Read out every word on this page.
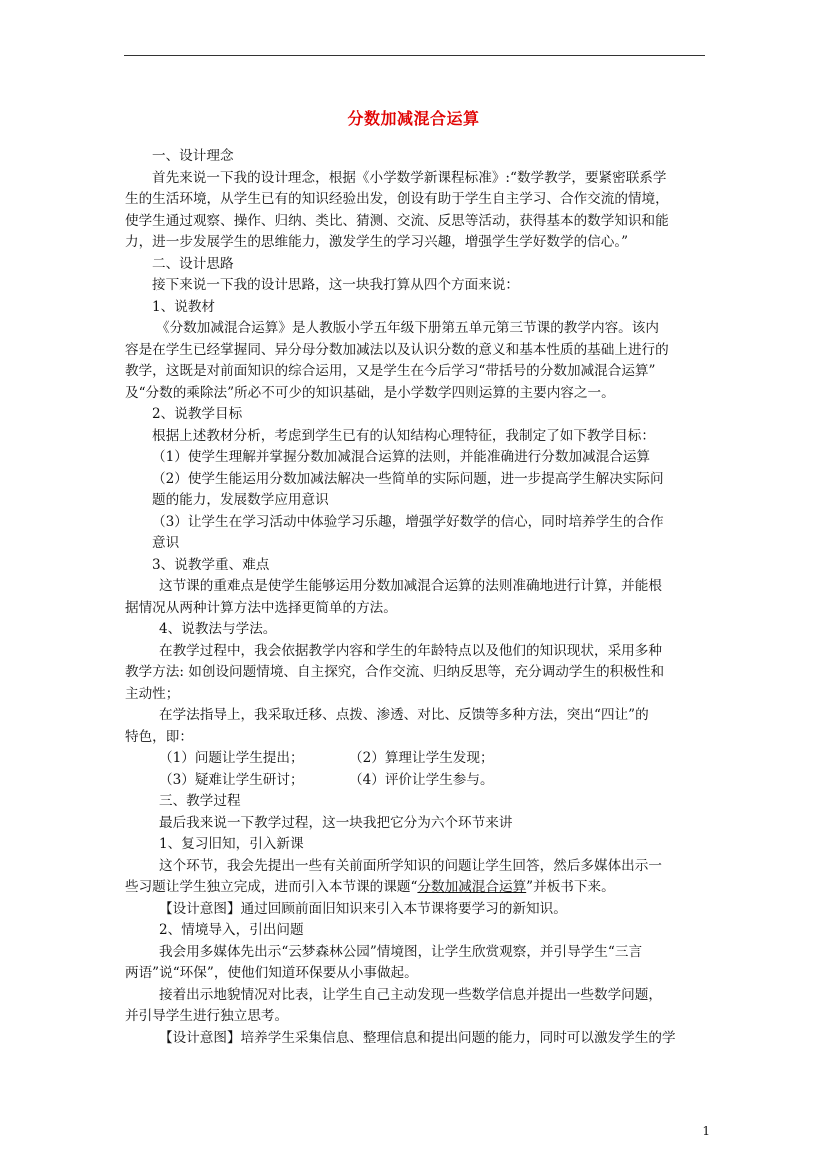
分数加减混合运算

一、设计理念

首先来说一下我的设计理念，根据《小学数学新课程标准》:“数学教学，要紧密联系学

生的生活环境，从学生已有的知识经验出发，创设有助于学生自主学习、合作交流的情境，

使学生通过观察、操作、归纳、类比、猜测、交流、反思等活动，获得基本的数学知识和能

力，进一步发展学生的思维能力，激发学生的学习兴趣，增强学生学好数学的信心。”

二、设计思路

接下来说一下我的设计思路，这一块我打算从四个方面来说：

1、说教材

《分数加减混合运算》是人教版小学五年级下册第五单元第三节课的教学内容。该内

容是在学生已经掌握同、异分母分数加减法以及认识分数的意义和基本性质的基础上进行的

教学，这既是对前面知识的综合运用，又是学生在今后学习“带括号的分数加减混合运算”

及“分数的乘除法”所必不可少的知识基础，是小学数学四则运算的主要内容之一。

2、说教学目标

根据上述教材分析，考虑到学生已有的认知结构心理特征，我制定了如下教学目标：

（1）使学生理解并掌握分数加减混合运算的法则，并能准确进行分数加减混合运算

（2）使学生能运用分数加减法解决一些简单的实际问题，进一步提高学生解决实际问

题的能力，发展数学应用意识

（3）让学生在学习活动中体验学习乐趣，增强学好数学的信心，同时培养学生的合作

意识

3、说教学重、难点

这节课的重难点是使学生能够运用分数加减混合运算的法则准确地进行计算，并能根

据情况从两种计算方法中选择更简单的方法。

4、说教法与学法。

在教学过程中，我会依据教学内容和学生的年龄特点以及他们的知识现状，采用多种

教学方法: 如创设问题情境、自主探究，合作交流、归纳反思等，充分调动学生的积极性和

主动性；

在学法指导上，我采取迁移、点拨、渗透、对比、反馈等多种方法，突出“四让”的

特色，即：

（1）问题让学生提出；	（2）算理让学生发现；

（3）疑难让学生研讨；	（4）评价让学生参与。

三、教学过程

最后我来说一下教学过程，这一块我把它分为六个环节来讲

1、复习旧知，引入新课

这个环节，我会先提出一些有关前面所学知识的问题让学生回答，然后多媒体出示一

些习题让学生独立完成，进而引入本节课的课题“分数加减混合运算”并板书下来。

【设计意图】通过回顾前面旧知识来引入本节课将要学习的新知识。

2、情境导入，引出问题

我会用多媒体先出示“云梦森林公园”情境图，让学生欣赏观察，并引导学生“三言

两语”说“环保”，使他们知道环保要从小事做起。

接着出示地貌情况对比表，让学生自己主动发现一些数学信息并提出一些数学问题，

并引导学生进行独立思考。

【设计意图】培养学生采集信息、整理信息和提出问题的能力，同时可以激发学生的学

1
